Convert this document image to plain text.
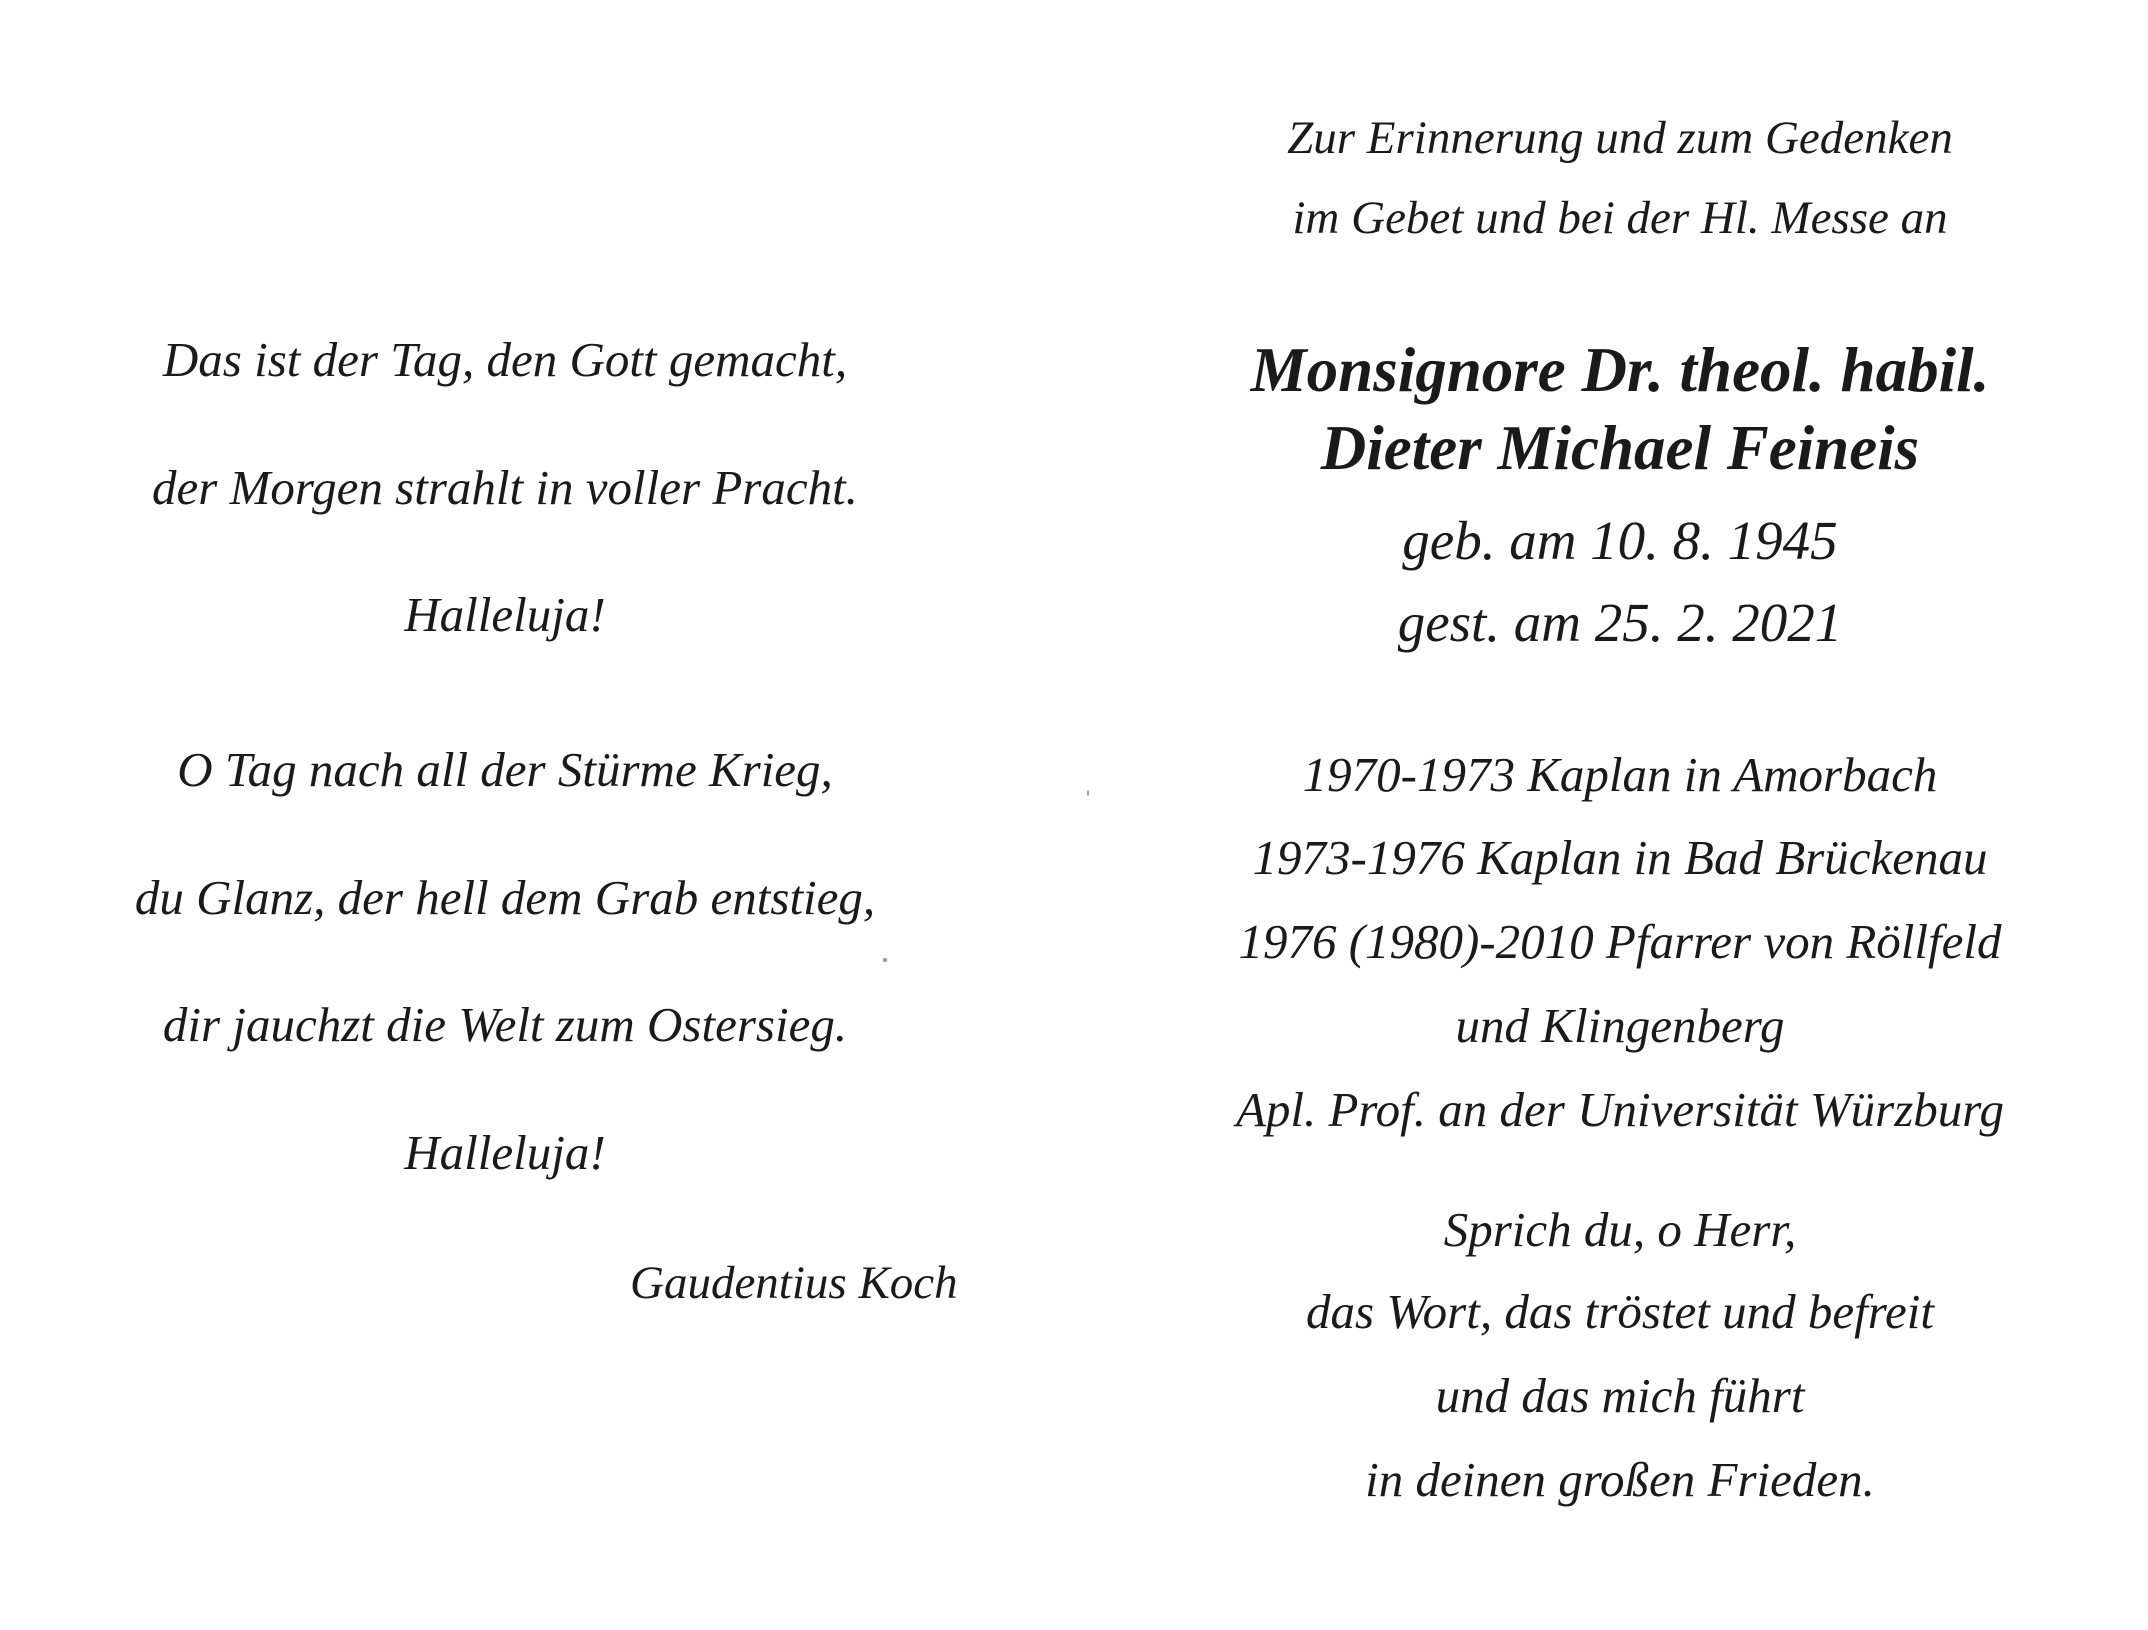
Das ist der Tag, den Gott gemacht,
der Morgen strahlt in voller Pracht.
Halleluja!
O Tag nach all der Stürme Krieg,
du Glanz, der hell dem Grab entstieg,
dir jauchzt die Welt zum Ostersieg.
Halleluja!
Gaudentius Koch
Zur Erinnerung und zum Gedenken
im Gebet und bei der Hl. Messe an
Monsignore Dr. theol. habil.
Dieter Michael Feineis
geb. am 10. 8. 1945
gest. am 25. 2. 2021
1970-1973 Kaplan in Amorbach
1973-1976 Kaplan in Bad Brückenau
1976 (1980)-2010 Pfarrer von Röllfeld
und Klingenberg
Apl. Prof. an der Universität Würzburg
Sprich du, o Herr,
das Wort, das tröstet und befreit
und das mich führt
in deinen großen Frieden.
